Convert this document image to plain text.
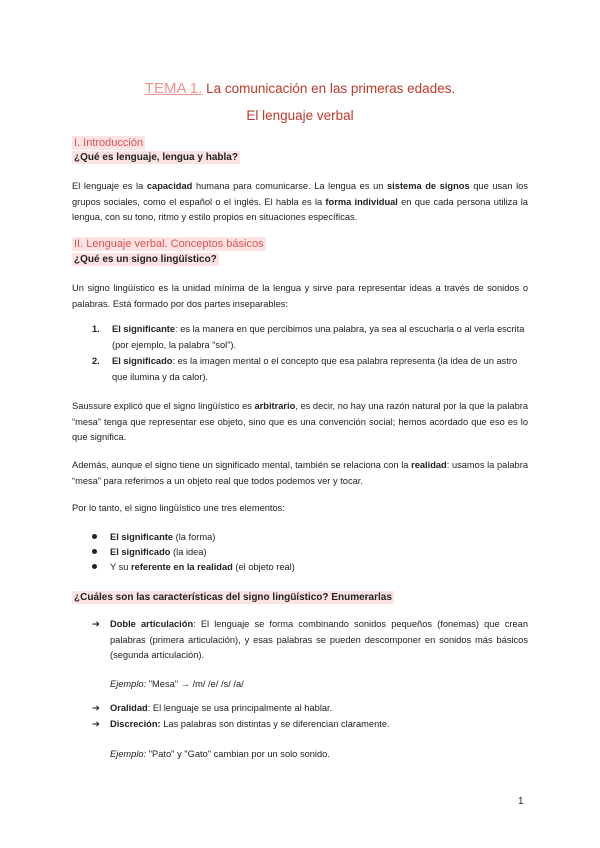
TEMA 1. La comunicación en las primeras edades.
El lenguaje verbal
I. Introducción
¿Qué es lenguaje, lengua y habla?
El lenguaje es la capacidad humana para comunicarse. La lengua es un sistema de signos que usan los grupos sociales, como el español o el inglés. El habla es la forma individual en que cada persona utiliza la lengua, con su tono, ritmo y estilo propios en situaciones específicas.
II. Lenguaje verbal. Conceptos básicos
¿Qué es un signo lingüístico?
Un signo lingüístico es la unidad mínima de la lengua y sirve para representar ideas a través de sonidos o palabras. Está formado por dos partes inseparables:
1. El significante: es la manera en que percibimos una palabra, ya sea al escucharla o al verla escrita (por ejemplo, la palabra “sol”).
2. El significado: es la imagen mental o el concepto que esa palabra representa (la idea de un astro que ilumina y da calor).
Saussure explicó que el signo lingüístico es arbitrario, es decir, no hay una razón natural por la que la palabra “mesa” tenga que representar ese objeto, sino que es una convención social; hemos acordado que eso es lo que significa.
Además, aunque el signo tiene un significado mental, también se relaciona con la realidad: usamos la palabra “mesa” para referirnos a un objeto real que todos podemos ver y tocar.
Por lo tanto, el signo lingüístico une tres elementos:
El significante (la forma)
El significado (la idea)
Y su referente en la realidad (el objeto real)
¿Cuáles son las características del signo lingüístico? Enumerarlas
➔ Doble articulación: El lenguaje se forma combinando sonidos pequeños (fonemas) que crean palabras (primera articulación), y esas palabras se pueden descomponer en sonidos más básicos (segunda articulación).
Ejemplo: "Mesa" → /m/ /e/ /s/ /a/
➔ Oralidad: El lenguaje se usa principalmente al hablar.
➔ Discreción: Las palabras son distintas y se diferencian claramente.
Ejemplo: "Pato" y "Gato" cambian por un solo sonido.
1
